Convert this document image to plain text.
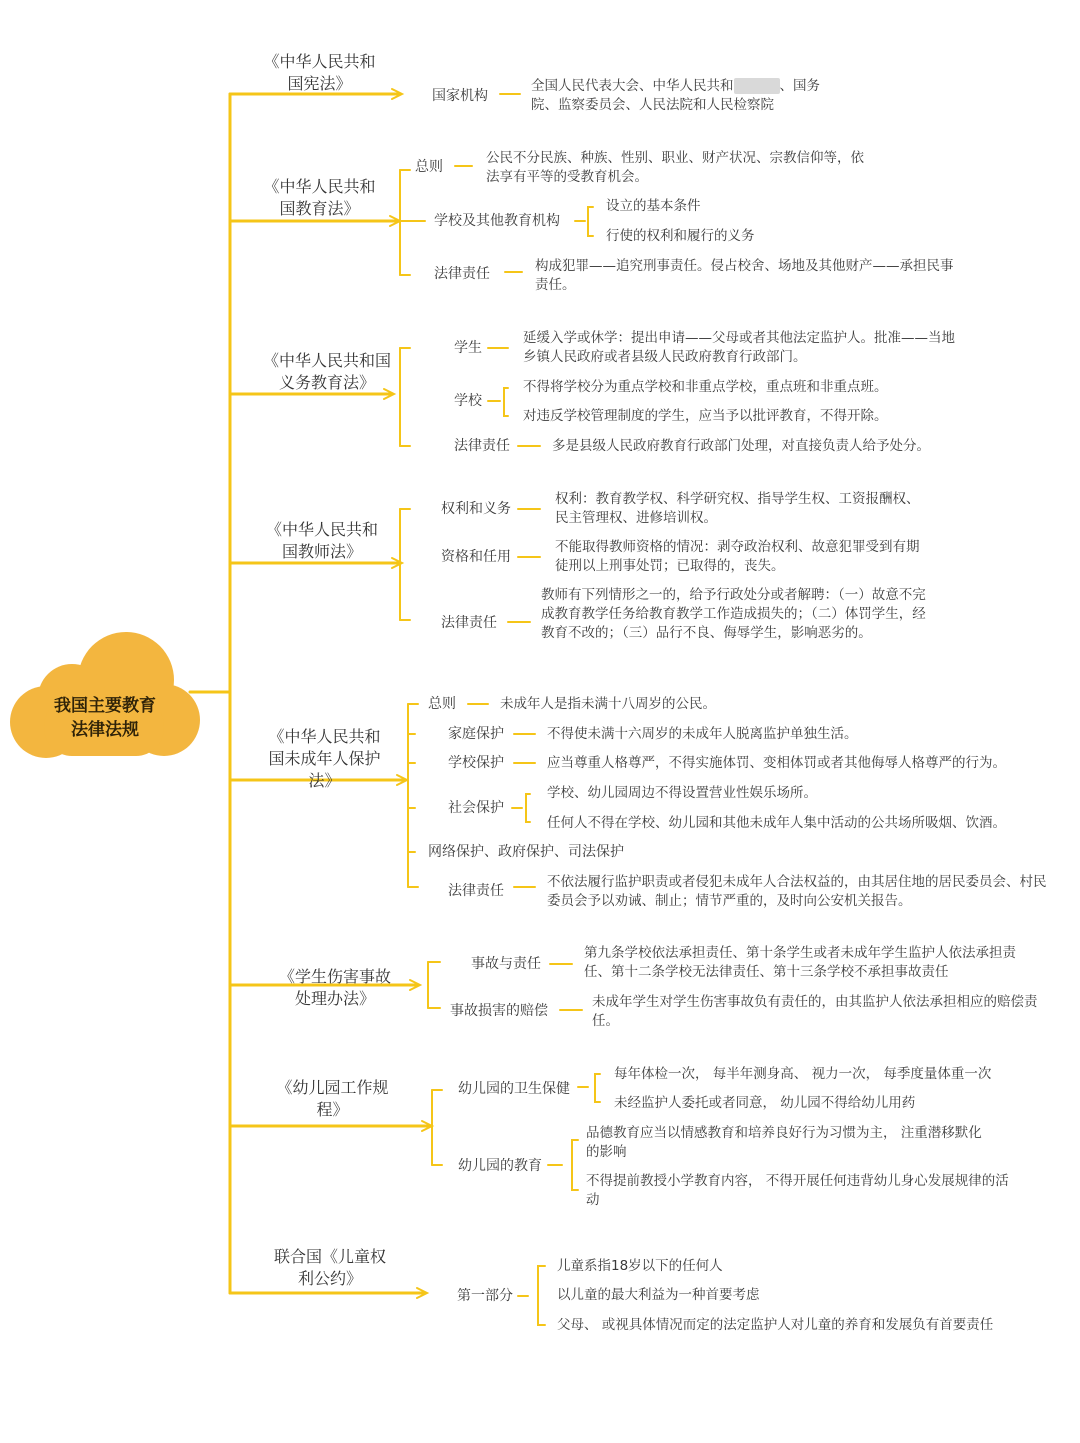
我国主要教育
法律法规
《中华人民共和国宪法》
国家机构
全国人民代表大会、中华人民共和	、国务
院、监察委员会、人民法院和人民检察院
《中华人民共和国教育法》
总则
公民不分民族、种族、性别、职业、财产状况、宗教信仰等，依法享有平等的受教育机会。
学校及其他教育机构
设立的基本条件
行使的权利和履行的义务
法律责任	构成犯罪——追究刑事责任。侵占校舍、场地及其他财产——承担民事责任。
《中华人民共和国义务教育法》
学生
延缓入学或休学：提出申请——父母或者其他法定监护人。批准——当地乡镇人民政府或者县级人民政府教育行政部门。
学校
不得将学校分为重点学校和非重点学校，重点班和非重点班。
对违反学校管理制度的学生，应当予以批评教育，不得开除。
法律责任	多是县级人民政府教育行政部门处理，对直接负责人给予处分。
《中华人民共和国教师法》
权利和义务
权利：教育教学权、科学研究权、指导学生权、工资报酬权、民主管理权、进修培训权。
资格和任用
不能取得教师资格的情况：剥夺政治权利、故意犯罪受到有期徒刑以上刑事处罚；已取得的，丧失。
法律责任
教师有下列情形之一的，给予行政处分或者解聘：（一）故意不完成教育教学任务给教育教学工作造成损失的；（二）体罚学生，经教育不改的；（三）品行不良、侮辱学生，影响恶劣的。
《中华人民共和国未成年人保护法》
总则	未成年人是指未满十八周岁的公民。
家庭保护	不得使未满十六周岁的未成年人脱离监护单独生活。
学校保护	应当尊重人格尊严，不得实施体罚、变相体罚或者其他侮辱人格尊严的行为。
社会保护
学校、幼儿园周边不得设置营业性娱乐场所。
任何人不得在学校、幼儿园和其他未成年人集中活动的公共场所吸烟、饮酒。
网络保护、政府保护、司法保护
法律责任
不依法履行监护职责或者侵犯未成年人合法权益的，由其居住地的居民委员会、村民委员会予以劝诫、制止；情节严重的，及时向公安机关报告。
《学生伤害事故处理办法》
事故与责任
第九条学校依法承担责任、第十条学生或者未成年学生监护人依法承担责任、第十二条学校无法律责任、第十三条学校不承担事故责任
事故损害的赔偿
未成年学生对学生伤害事故负有责任的，由其监护人依法承担相应的赔偿责任。
《幼儿园工作规程》
幼儿园的卫生保健
每年体检一次， 每半年测身高、 视力一次， 每季度量体重一次
未经监护人委托或者同意， 幼儿园不得给幼儿用药
幼儿园的教育
品德教育应当以情感教育和培养良好行为习惯为主， 注重潜移默化的影响
不得提前教授小学教育内容， 不得开展任何违背幼儿身心发展规律的活动
联合国《儿童权利公约》
第一部分
儿童系指18岁以下的任何人
以儿童的最大利益为一种首要考虑
父母、 或视具体情况而定的法定监护人对儿童的养育和发展负有首要责任
